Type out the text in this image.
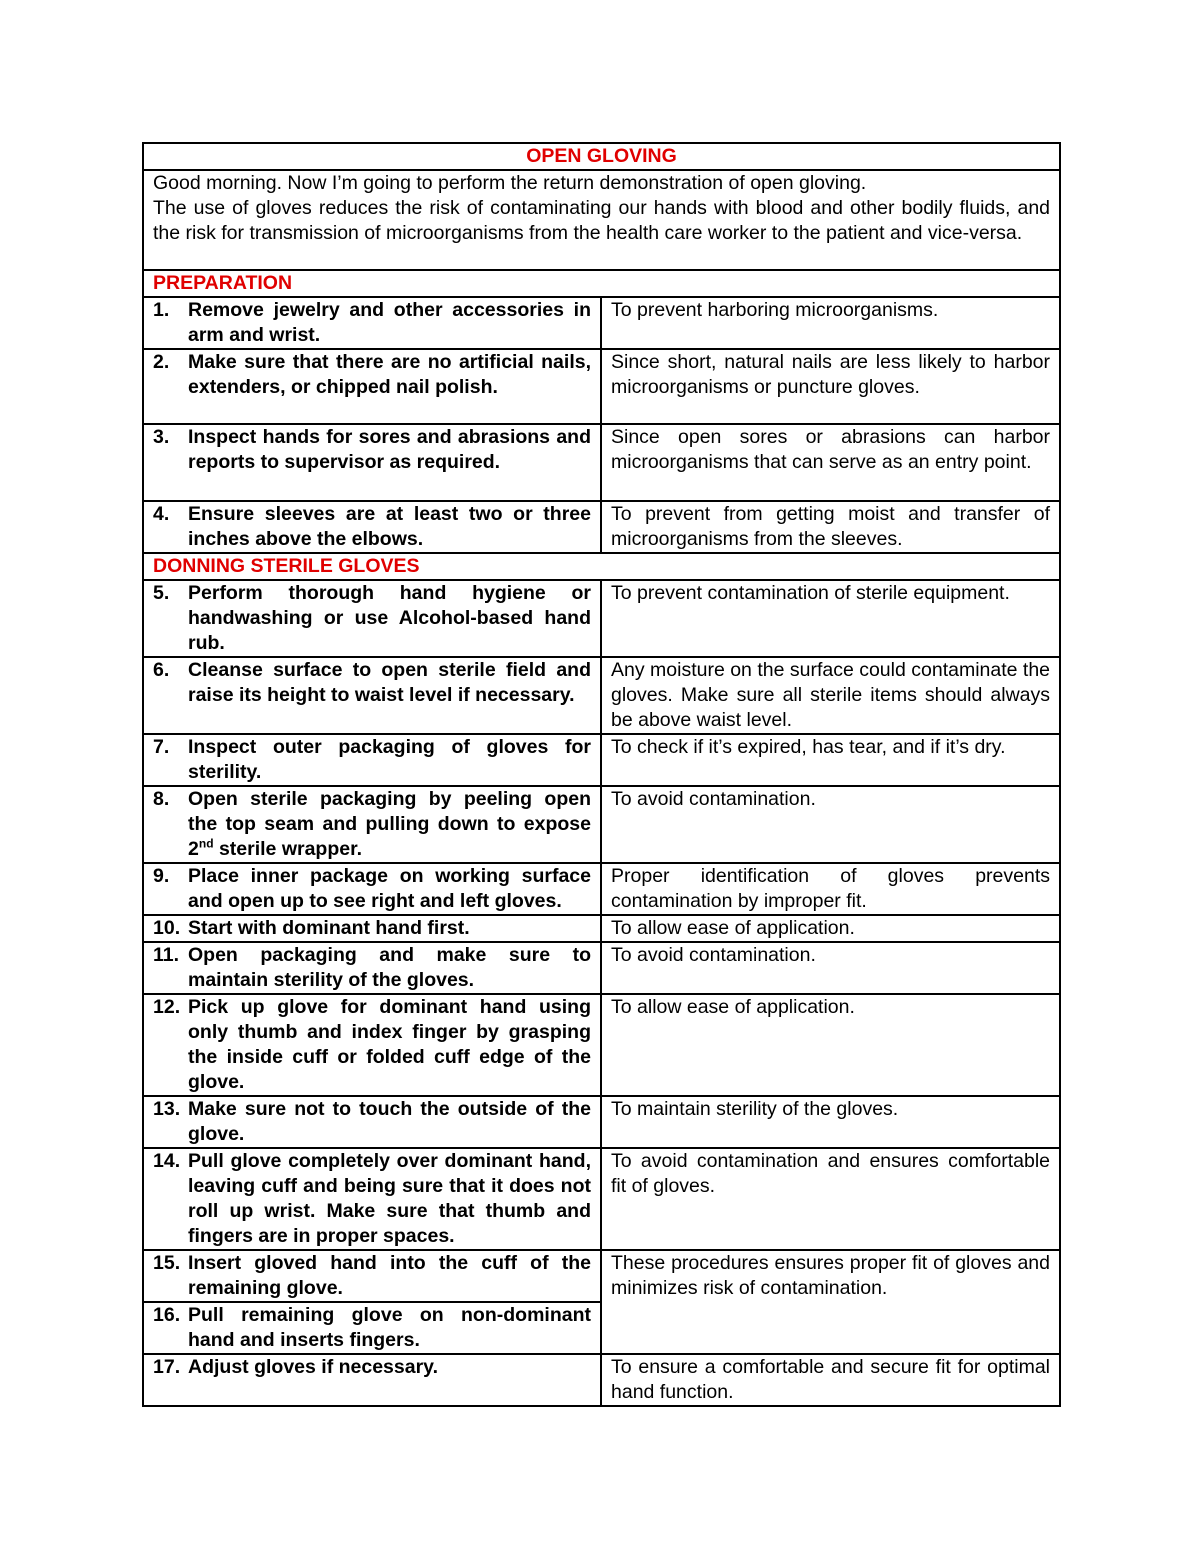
OPEN GLOVING	

Good morning. Now I’m going to perform the return demonstration of open gloving.
The use of gloves reduces the risk of contaminating our hands with blood and other bodily fluids, and the risk for transmission of microorganisms from the health care worker to the patient and vice-versa.	

PREPARATION	

1. Remove jewelry and other accessories in arm and wrist.	To prevent harboring microorganisms.

2. Make sure that there are no artificial nails, extenders, or chipped nail polish.	Since short, natural nails are less likely to harbor microorganisms or puncture gloves.

3. Inspect hands for sores and abrasions and reports to supervisor as required.	Since open sores or abrasions can harbor microorganisms that can serve as an entry point.

4. Ensure sleeves are at least two or three inches above the elbows.	To prevent from getting moist and transfer of microorganisms from the sleeves.
DONNING STERILE GLOVES	

5. Perform thorough hand hygiene or handwashing or use Alcohol-based hand rub.	To prevent contamination of sterile equipment.

6. Cleanse surface to open sterile field and raise its height to waist level if necessary.	Any moisture on the surface could contaminate the gloves. Make sure all sterile items should always be above waist level.

7. Inspect outer packaging of gloves for sterility.	To check if it’s expired, has tear, and if it’s dry.

8. Open sterile packaging by peeling open the top seam and pulling down to expose 2nd sterile wrapper.	To avoid contamination.

9. Place inner package on working surface and open up to see right and left gloves.	Proper identification of gloves prevents contamination by improper fit.

10. Start with dominant hand first.	To allow ease of application.

11. Open packaging and make sure to maintain sterility of the gloves.	To avoid contamination.

12. Pick up glove for dominant hand using only thumb and index finger by grasping the inside cuff or folded cuff edge of the glove.	To allow ease of application.

13. Make sure not to touch the outside of the glove.	To maintain sterility of the gloves.

14. Pull glove completely over dominant hand, leaving cuff and being sure that it does not roll up wrist. Make sure that thumb and fingers are in proper spaces.	To avoid contamination and ensures comfortable fit of gloves.

15. Insert gloved hand into the cuff of the remaining glove.	These procedures ensures proper fit of gloves and minimizes risk of contamination.

16. Pull remaining glove on non-dominant hand and inserts fingers.	

17. Adjust gloves if necessary.	To ensure a comfortable and secure fit for optimal hand function.
